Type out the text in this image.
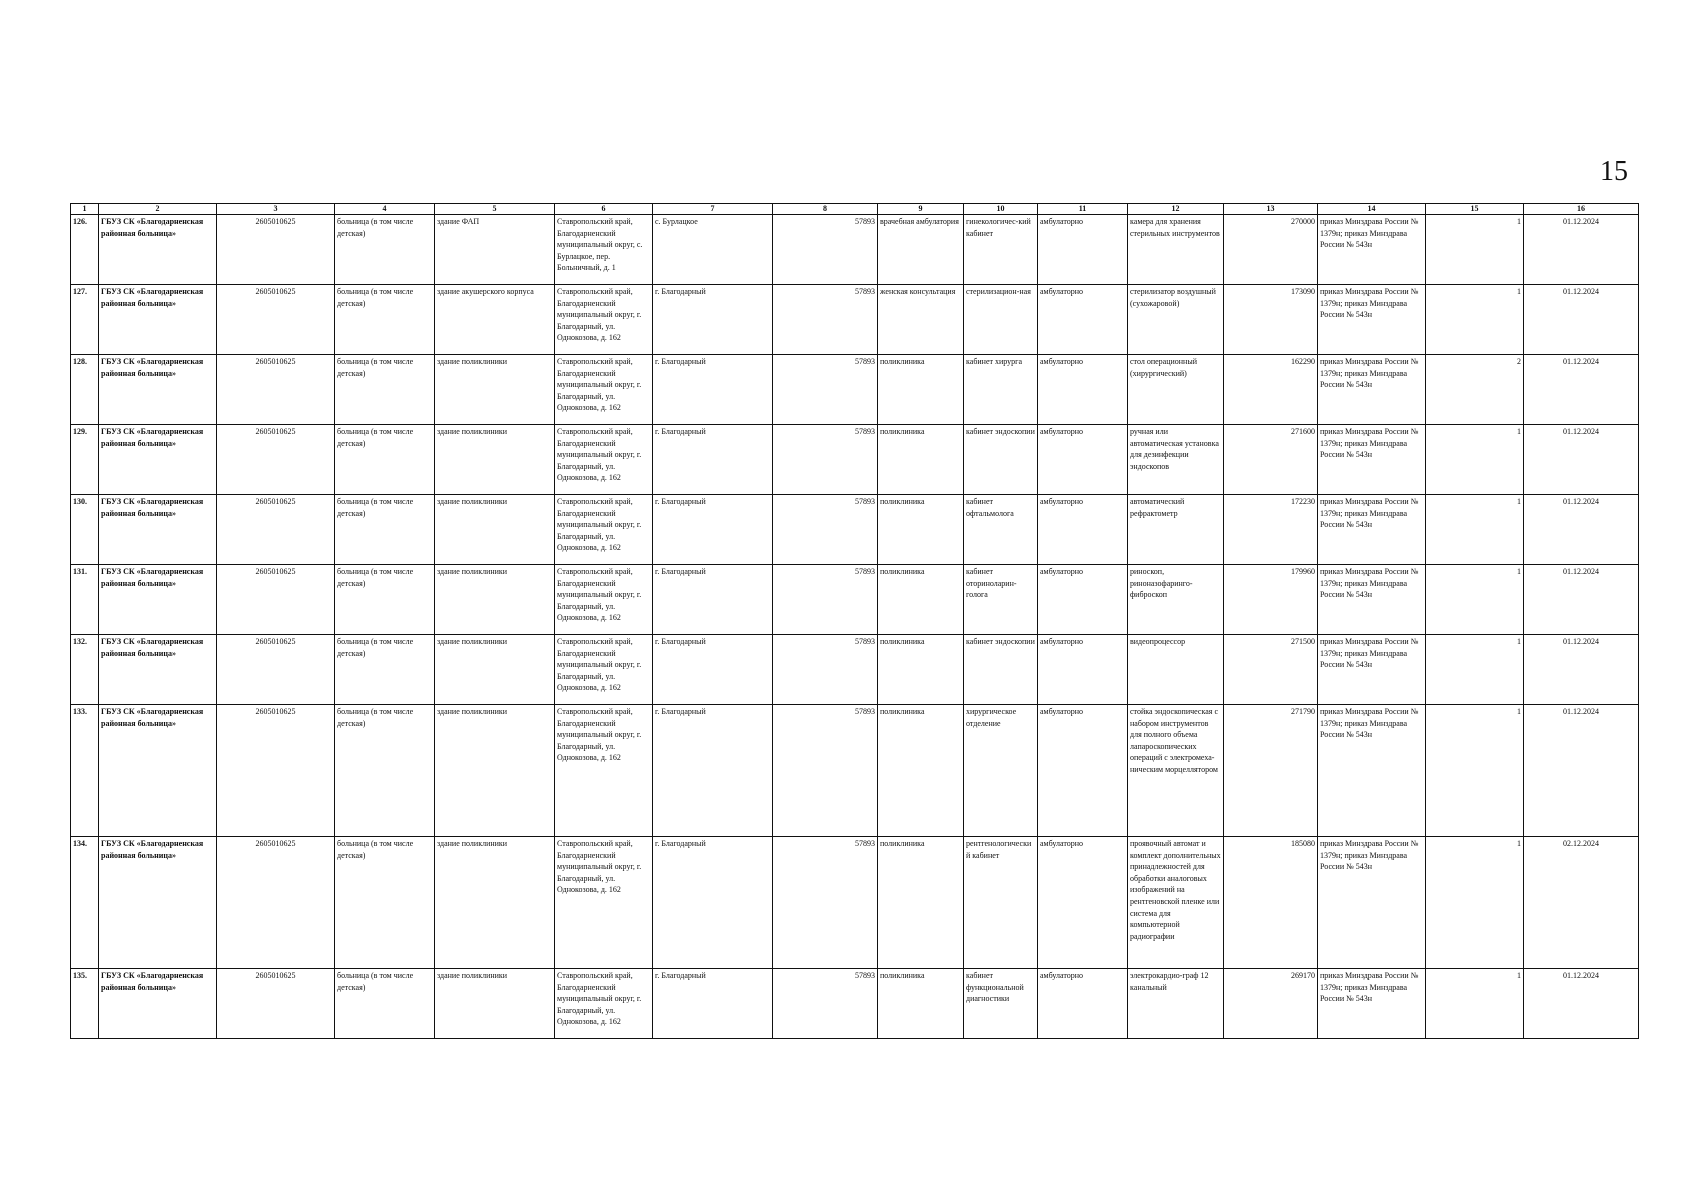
15
1	2	3	4	5	6	7	8	9	10	11	12	13	14	15	16
126.	ГБУЗ СК «Благодарненская районная больница»	2605010625	больница (в том числе детская)	здание ФАП	Ставропольский край, Благодарненский муниципальный округ, с. Бурлацкое, пер. Больничный, д. 1	с. Бурлацкое	57893	врачебная амбулатория	гинекологичес-кий кабинет	амбулаторно	камера для хранения стерильных инструментов	270000	приказ Минздрава России № 1379н; приказ Минздрава России № 543н	1	01.12.2024
127.	ГБУЗ СК «Благодарненская районная больница»	2605010625	больница (в том числе детская)	здание акушерского корпуса	Ставропольский край, Благодарненский муниципальный округ, г. Благодарный, ул. Однокозова, д. 162	г. Благодарный	57893	женская консультация	стерилизацион-ная	амбулаторно	стерилизатор воздушный (сухожаровой)	173090	приказ Минздрава России № 1379н; приказ Минздрава России № 543н	1	01.12.2024
128.	ГБУЗ СК «Благодарненская районная больница»	2605010625	больница (в том числе детская)	здание поликлиники	Ставропольский край, Благодарненский муниципальный округ, г. Благодарный, ул. Однокозова, д. 162	г. Благодарный	57893	поликлиника	кабинет хирурга	амбулаторно	стол операционный (хирургический)	162290	приказ Минздрава России № 1379н; приказ Минздрава России № 543н	2	01.12.2024
129.	ГБУЗ СК «Благодарненская районная больница»	2605010625	больница (в том числе детская)	здание поликлиники	Ставропольский край, Благодарненский муниципальный округ, г. Благодарный, ул. Однокозова, д. 162	г. Благодарный	57893	поликлиника	кабинет эндоскопии	амбулаторно	ручная или автоматическая установка для дезинфекции эндоскопов	271600	приказ Минздрава России № 1379н; приказ Минздрава России № 543н	1	01.12.2024
130.	ГБУЗ СК «Благодарненская районная больница»	2605010625	больница (в том числе детская)	здание поликлиники	Ставропольский край, Благодарненский муниципальный округ, г. Благодарный, ул. Однокозова, д. 162	г. Благодарный	57893	поликлиника	кабинет офтальмолога	амбулаторно	автоматический рефрактометр	172230	приказ Минздрава России № 1379н; приказ Минздрава России № 543н	1	01.12.2024
131.	ГБУЗ СК «Благодарненская районная больница»	2605010625	больница (в том числе детская)	здание поликлиники	Ставропольский край, Благодарненский муниципальный округ, г. Благодарный, ул. Однокозова, д. 162	г. Благодарный	57893	поликлиника	кабинет оториноларин-голога	амбулаторно	риноскоп, риноназофаринго-фиброскоп	179960	приказ Минздрава России № 1379н; приказ Минздрава России № 543н	1	01.12.2024
132.	ГБУЗ СК «Благодарненская районная больница»	2605010625	больница (в том числе детская)	здание поликлиники	Ставропольский край, Благодарненский муниципальный округ, г. Благодарный, ул. Однокозова, д. 162	г. Благодарный	57893	поликлиника	кабинет эндоскопии	амбулаторно	видеопроцессор	271500	приказ Минздрава России № 1379н; приказ Минздрава России № 543н	1	01.12.2024
133.	ГБУЗ СК «Благодарненская районная больница»	2605010625	больница (в том числе детская)	здание поликлиники	Ставропольский край, Благодарненский муниципальный округ, г. Благодарный, ул. Однокозова, д. 162	г. Благодарный	57893	поликлиника	хирургическое отделение	амбулаторно	стойка эндоскопическая с набором инструментов для полного объема лапароскопических операций с электромеха-ническим морцеллятором	271790	приказ Минздрава России № 1379н; приказ Минздрава России № 543н	1	01.12.2024
134.	ГБУЗ СК «Благодарненская районная больница»	2605010625	больница (в том числе детская)	здание поликлиники	Ставропольский край, Благодарненский муниципальный округ, г. Благодарный, ул. Однокозова, д. 162	г. Благодарный	57893	поликлиника	рентгенологический кабинет	амбулаторно	проявочный автомат и комплект дополнительных принадлежностей для обработки аналоговых изображений на рентгеновской пленке или система для компьютерной радиографии	185080	приказ Минздрава России № 1379н; приказ Минздрава России № 543н	1	02.12.2024
135.	ГБУЗ СК «Благодарненская районная больница»	2605010625	больница (в том числе детская)	здание поликлиники	Ставропольский край, Благодарненский муниципальный округ, г. Благодарный, ул. Однокозова, д. 162	г. Благодарный	57893	поликлиника	кабинет функциональной диагностики	амбулаторно	электрокардио-граф 12 канальный	269170	приказ Минздрава России № 1379н; приказ Минздрава России № 543н	1	01.12.2024
